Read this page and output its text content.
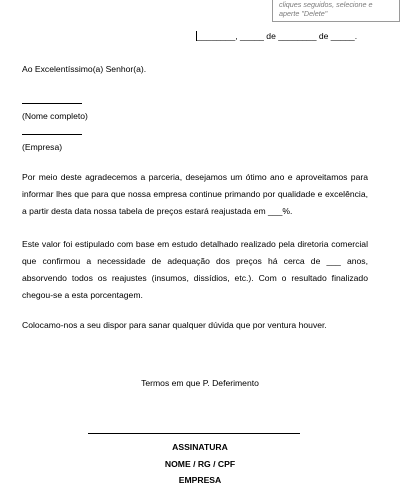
cliques seguidos, selecione e
aperte "Delete"
________, _____ de ________ de _____.
Ao Excelentíssimo(a) Senhor(a).
(Nome completo)
(Empresa)
Por meio deste agradecemos a parceria, desejamos um ótimo ano e aproveitamos para informar lhes que para que nossa empresa continue primando por qualidade e excelência, a partir desta data nossa tabela de preços estará reajustada em ___%.
Este valor foi estipulado com base em estudo detalhado realizado pela diretoria comercial que confirmou a necessidade de adequação dos preços há cerca de ___ anos, absorvendo todos os reajustes (insumos, dissídios, etc.). Com o resultado finalizado chegou-se a esta porcentagem.
Colocamo-nos a seu dispor para sanar qualquer dúvida que por ventura houver.
Termos em que P. Deferimento
ASSINATURA
NOME / RG / CPF
EMPRESA
